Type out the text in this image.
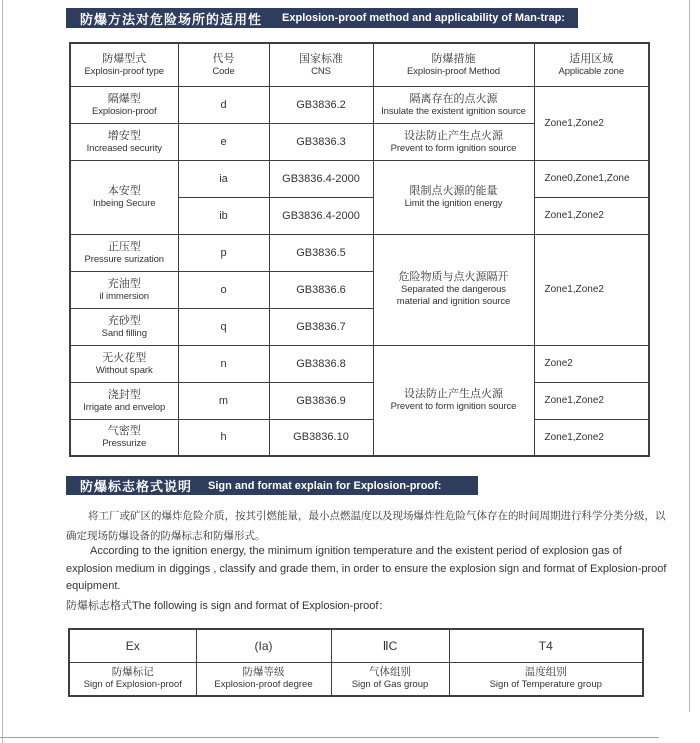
防爆方法对危险场所的适用性 Explosion-proof method and applicability of Man-trap:
防爆型式
Explosin-proof type	代号
Code	国家标准
CNS	防爆措施
Explosin-proof Method	适用区域
Applicable zone

隔爆型
Explosion-proof	d	GB3836.2	隔离存在的点火源
Insulate the existent ignition source	Zone1,Zone2

增安型
Increased security	e	GB3836.3	设法防止产生点火源
Prevent to form ignition source	

本安型
Inbeing Secure	ia	GB3836.4-2000	限制点火源的能量
Limit the ignition energy	Zone0,Zone1,Zone
	ib	GB3836.4-2000		Zone1,Zone2

正压型
Pressure surization	p	GB3836.5	危险物质与点火源隔开
Separated the dangerous material and ignition source	Zone1,Zone2

充油型
il immersion	o	GB3836.6		

充砂型
Sand filling	q	GB3836.7		

无火花型
Without spark	n	GB3836.8	设法防止产生点火源
Prevent to form ignition source	Zone2

浇封型
Irrigate and envelop	m	GB3836.9		Zone1,Zone2

气密型
Pressurize	h	GB3836.10		Zone1,Zone2
防爆标志格式说明 Sign and format explain for Explosion-proof:
将工厂或矿区的爆炸危险介质，按其引燃能量，最小点燃温度以及现场爆炸性危险气体存在的时间周期进行科学分类分级，以
确定现场防爆设备的防爆标志和防爆形式。
According to the ignition energy, the minimum ignition temperature and the existent period of explosion gas of
explosion medium in diggings , classify and grade them, in order to ensure the explosion sign and format of Explosion-proof
equipment.
防爆标志格式The following is sign and format of Explosion-proof：
Ex	(Ia)	ⅡC	T4

防爆标记
Sign of Explosion-proof	防爆等级
Explosion-proof degree	气体组别
Sign of Gas group	温度组别
Sign of Temperature group
